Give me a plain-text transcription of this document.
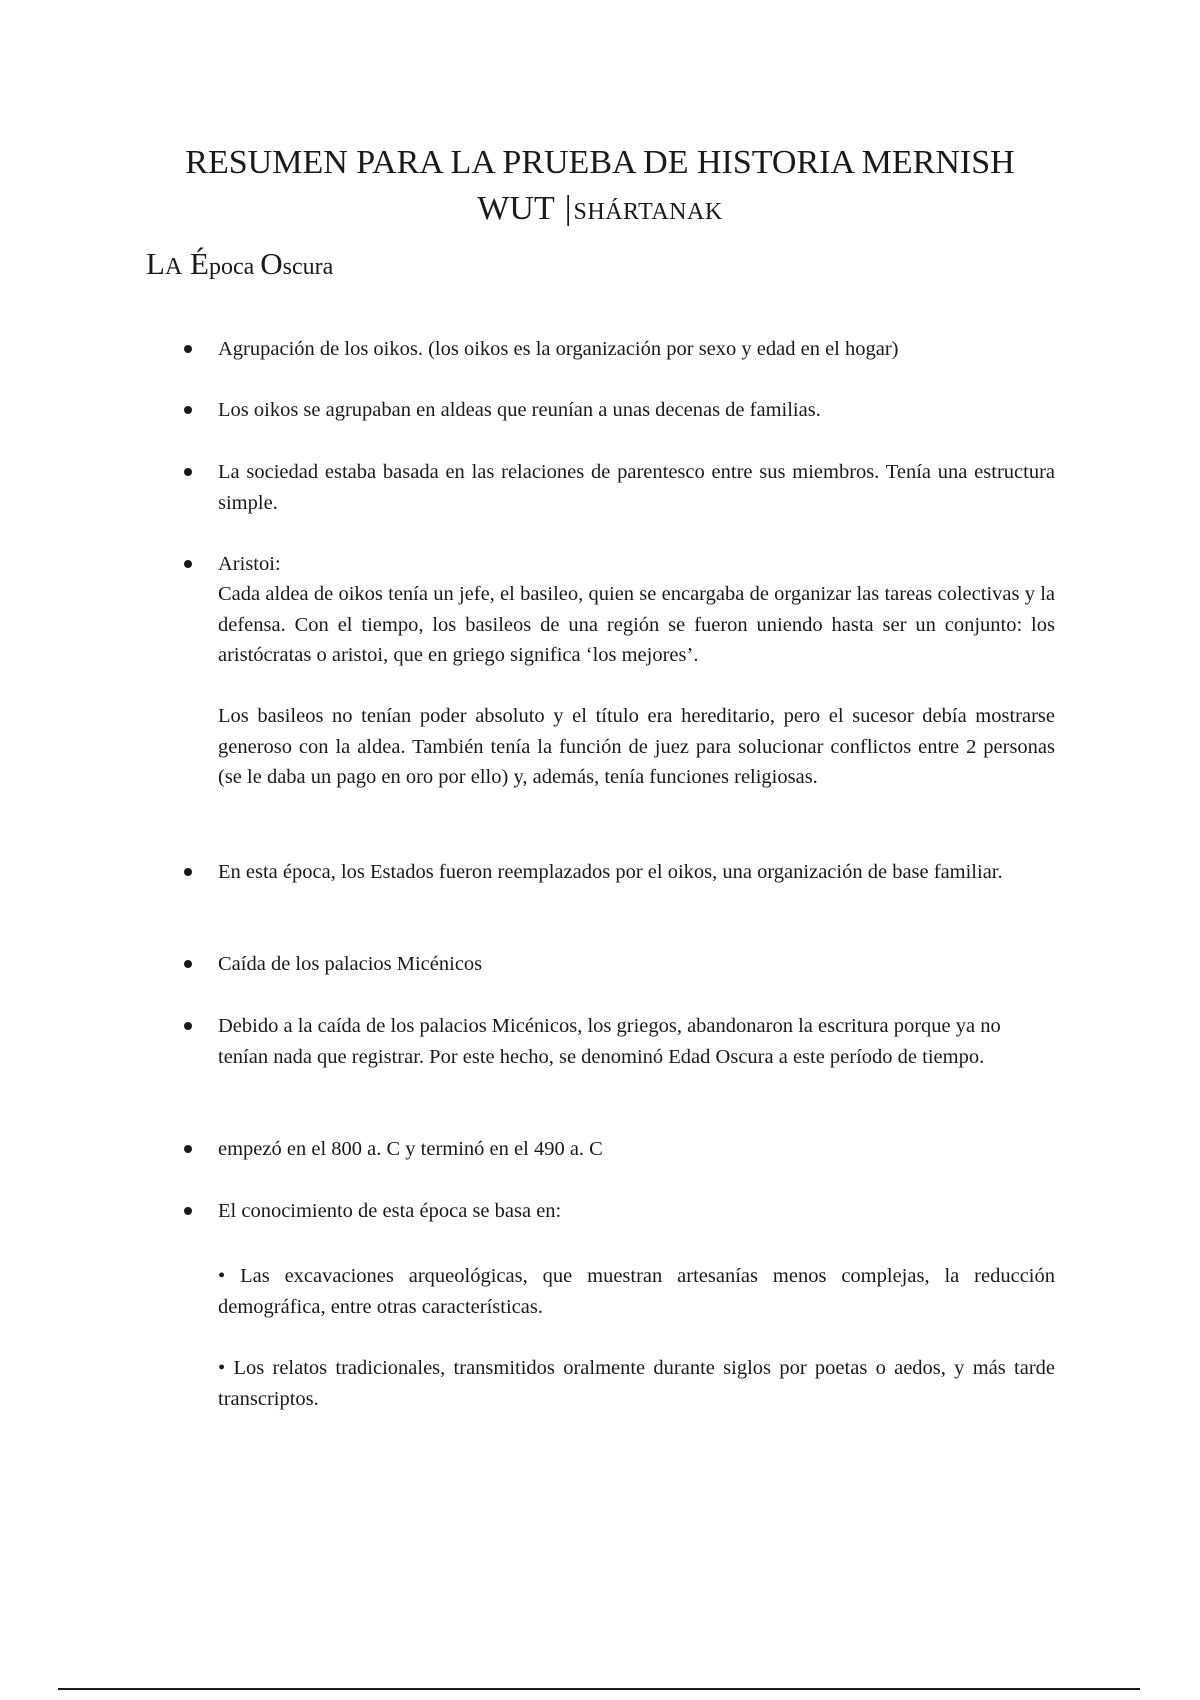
RESUMEN PARA LA PRUEBA DE HISTORIA MERNISH
WUT |SHÁRTANAK
LA Época Oscura
Agrupación de los oikos. (los oikos es la organización por sexo y edad en el hogar)
Los oikos se agrupaban en aldeas que reunían a unas decenas de familias.
La sociedad estaba basada en las relaciones de parentesco entre sus miembros. Tenía una estructura simple.
Aristoi:
Cada aldea de oikos tenía un jefe, el basileo, quien se encargaba de organizar las tareas colectivas y la defensa. Con el tiempo, los basileos de una región se fueron uniendo hasta ser un conjunto: los aristócratas o aristoi, que en griego significa ‘los mejores’.
Los basileos no tenían poder absoluto y el título era hereditario, pero el sucesor debía mostrarse generoso con la aldea. También tenía la función de juez para solucionar conflictos entre 2 personas (se le daba un pago en oro por ello) y, además, tenía funciones religiosas.
En esta época, los Estados fueron reemplazados por el oikos, una organización de base familiar.
Caída de los palacios Micénicos
Debido a la caída de los palacios Micénicos, los griegos, abandonaron la escritura porque ya no tenían nada que registrar. Por este hecho, se denominó Edad Oscura a este período de tiempo.
empezó en el 800 a. C y terminó en el 490 a. C
El conocimiento de esta época se basa en:
• Las excavaciones arqueológicas, que muestran artesanías menos complejas, la reducción demográfica, entre otras características.
• Los relatos tradicionales, transmitidos oralmente durante siglos por poetas o aedos, y más tarde transcriptos.
